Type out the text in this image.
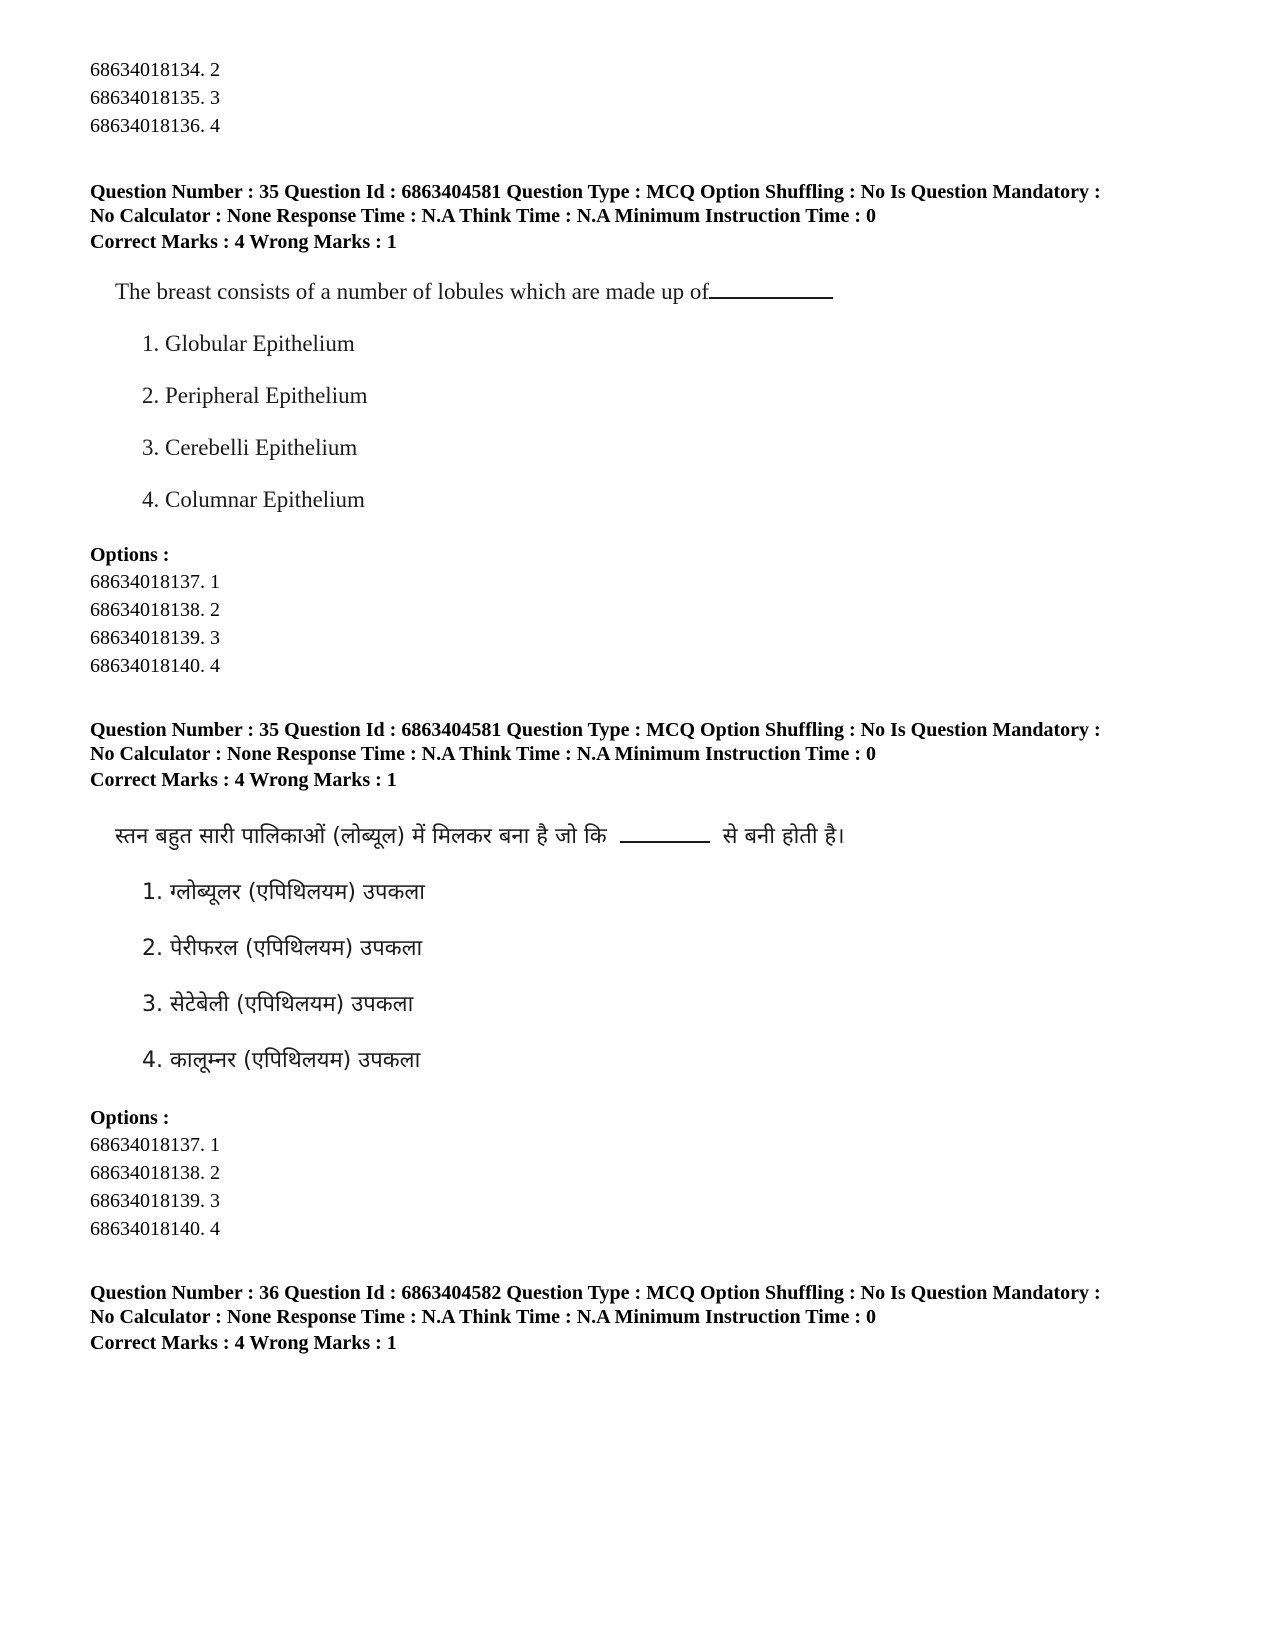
68634018134. 2
68634018135. 3
68634018136. 4
Question Number : 35 Question Id : 6863404581 Question Type : MCQ Option Shuffling : No Is Question Mandatory :
No Calculator : None Response Time : N.A Think Time : N.A Minimum Instruction Time : 0
Correct Marks : 4 Wrong Marks : 1
The breast consists of a number of lobules which are made up of
1. Globular Epithelium
2. Peripheral Epithelium
3. Cerebelli Epithelium
4. Columnar Epithelium
Options :
68634018137. 1
68634018138. 2
68634018139. 3
68634018140. 4
Question Number : 35 Question Id : 6863404581 Question Type : MCQ Option Shuffling : No Is Question Mandatory :
No Calculator : None Response Time : N.A Think Time : N.A Minimum Instruction Time : 0
Correct Marks : 4 Wrong Marks : 1
स्तन बहुत सारी पालिकाओं (लोब्यूल) में मिलकर बना है जो कि	से बनी होती है।
1. ग्लोब्यूलर (एपिथिलयम) उपकला
2. पेरीफरल (एपिथिलयम) उपकला
3. सेटेबेली (एपिथिलयम) उपकला
4. कालूम्नर (एपिथिलयम) उपकला
Options :
68634018137. 1
68634018138. 2
68634018139. 3
68634018140. 4
Question Number : 36 Question Id : 6863404582 Question Type : MCQ Option Shuffling : No Is Question Mandatory :
No Calculator : None Response Time : N.A Think Time : N.A Minimum Instruction Time : 0
Correct Marks : 4 Wrong Marks : 1
